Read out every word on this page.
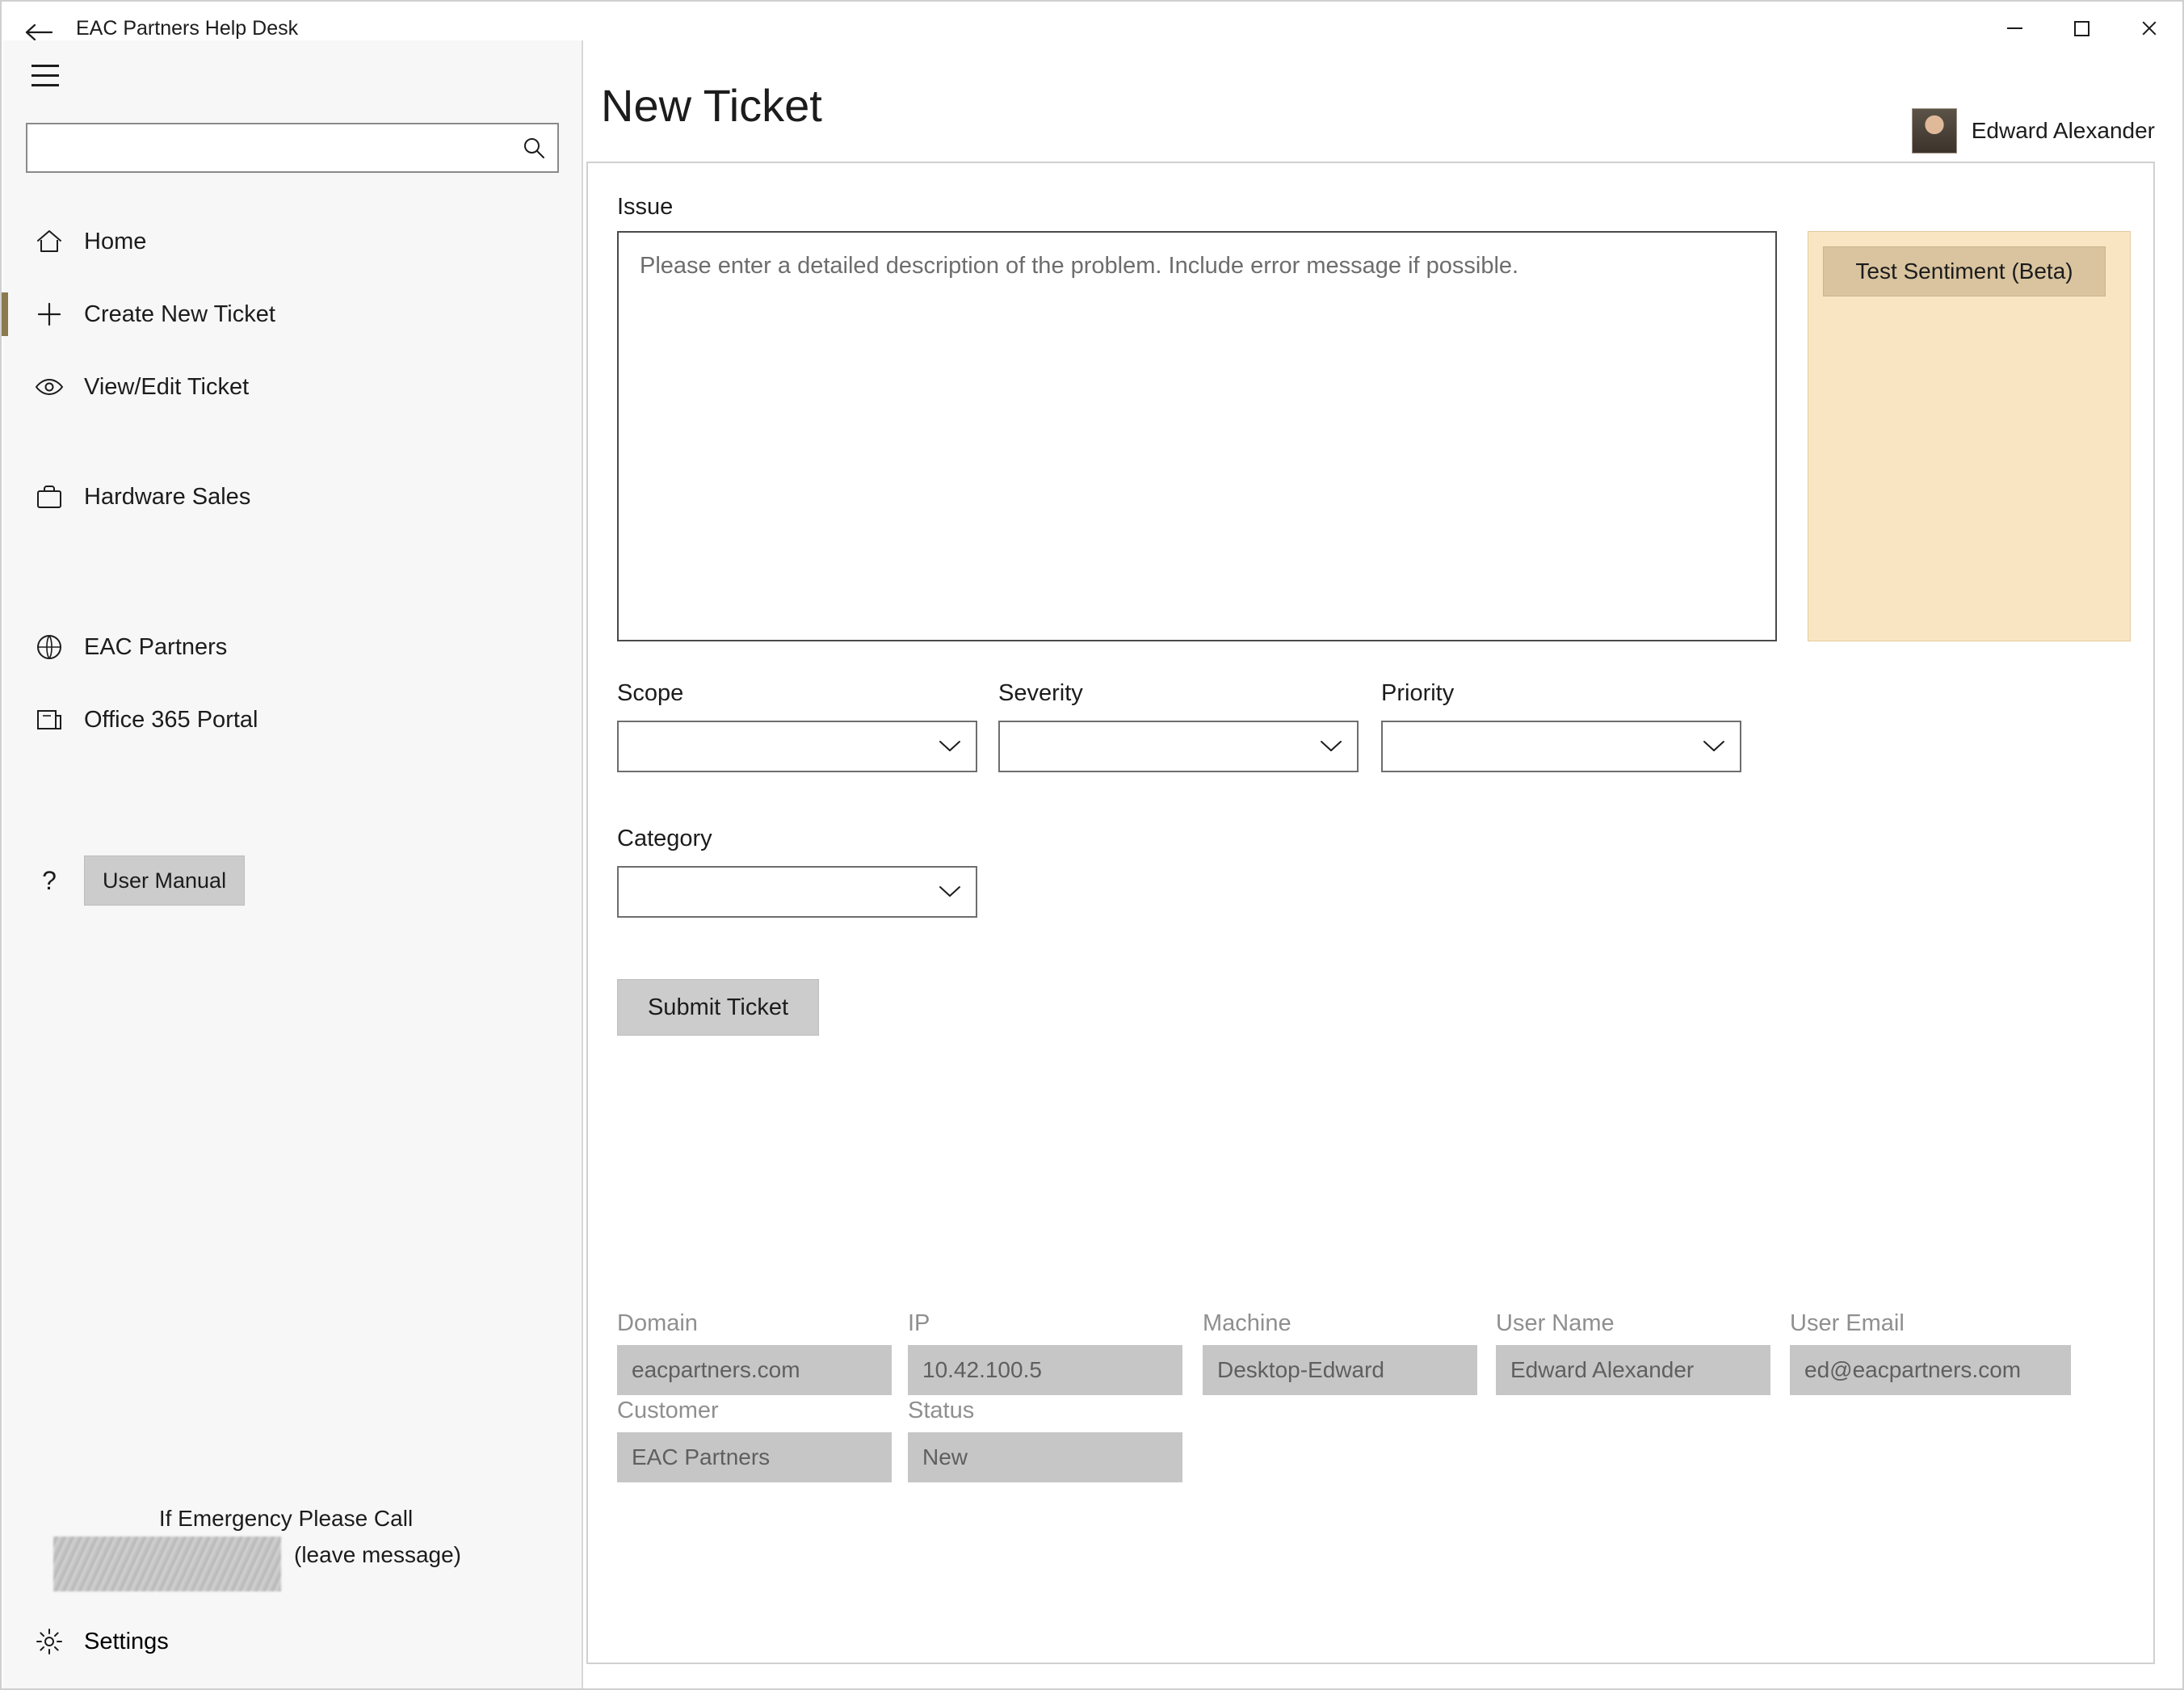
EAC Partners Help Desk
Home
Create New Ticket
View/Edit Ticket
Hardware Sales
EAC Partners
Office 365 Portal
?	User Manual
If Emergency Please Call
(leave message)
Settings
New Ticket	Edward Alexander
Issue
Please enter a detailed description of the problem. Include error message if possible.
Test Sentiment (Beta)
Scope	Severity	Priority
Category
Submit Ticket
Domain
eacpartners.com
IP
10.42.100.5
Machine
Desktop-Edward
User Name
Edward Alexander
User Email
ed@eacpartners.com
Customer
EAC Partners
Status
New
